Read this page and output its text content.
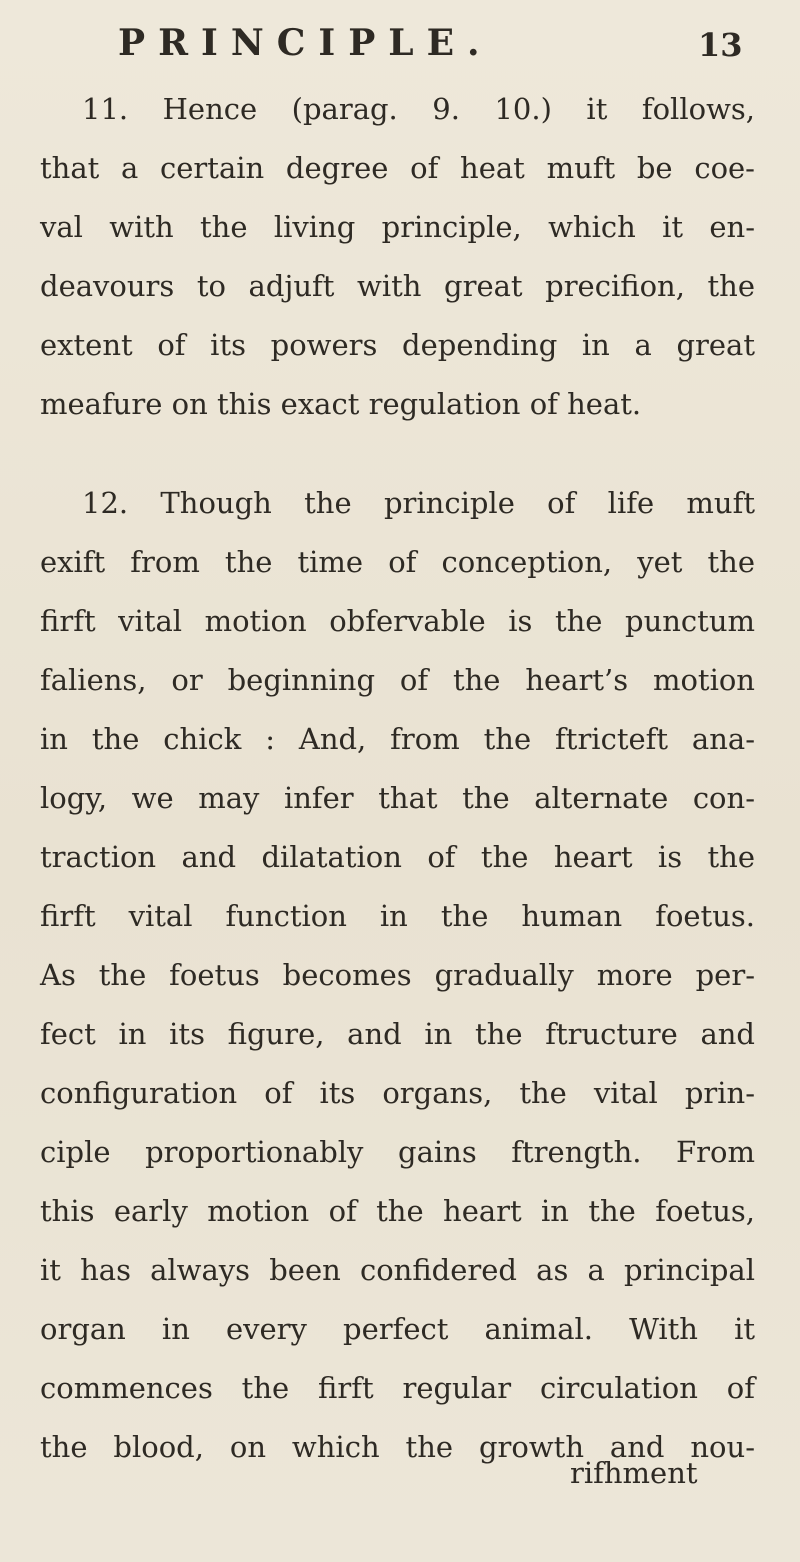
PRINCIPLE.	13
11. Hence (parag. 9. 10.) it follows,
that a certain degree of heat muft be coe-
val with the living principle, which it en-
deavours to adjuft with great precifion, the
extent of its powers depending in a great
meafure on this exact regulation of heat.
12. Though the principle of life muft
exift from the time of conception, yet the
firft vital motion obfervable is the punctum
faliens, or beginning of the heart’s motion
in the chick : And, from the ftricteft ana-
logy, we may infer that the alternate con-
traction and dilatation of the heart is the
firft vital function in the human foetus.
As the foetus becomes gradually more per-
fect in its figure, and in the ftructure and
configuration of its organs, the vital prin-
ciple proportionably gains ftrength. From
this early motion of the heart in the foetus,
it has always been confidered as a principal
organ in every perfect animal. With it
commences the firft regular circulation of
the blood, on which the growth and nou-
rifhment
